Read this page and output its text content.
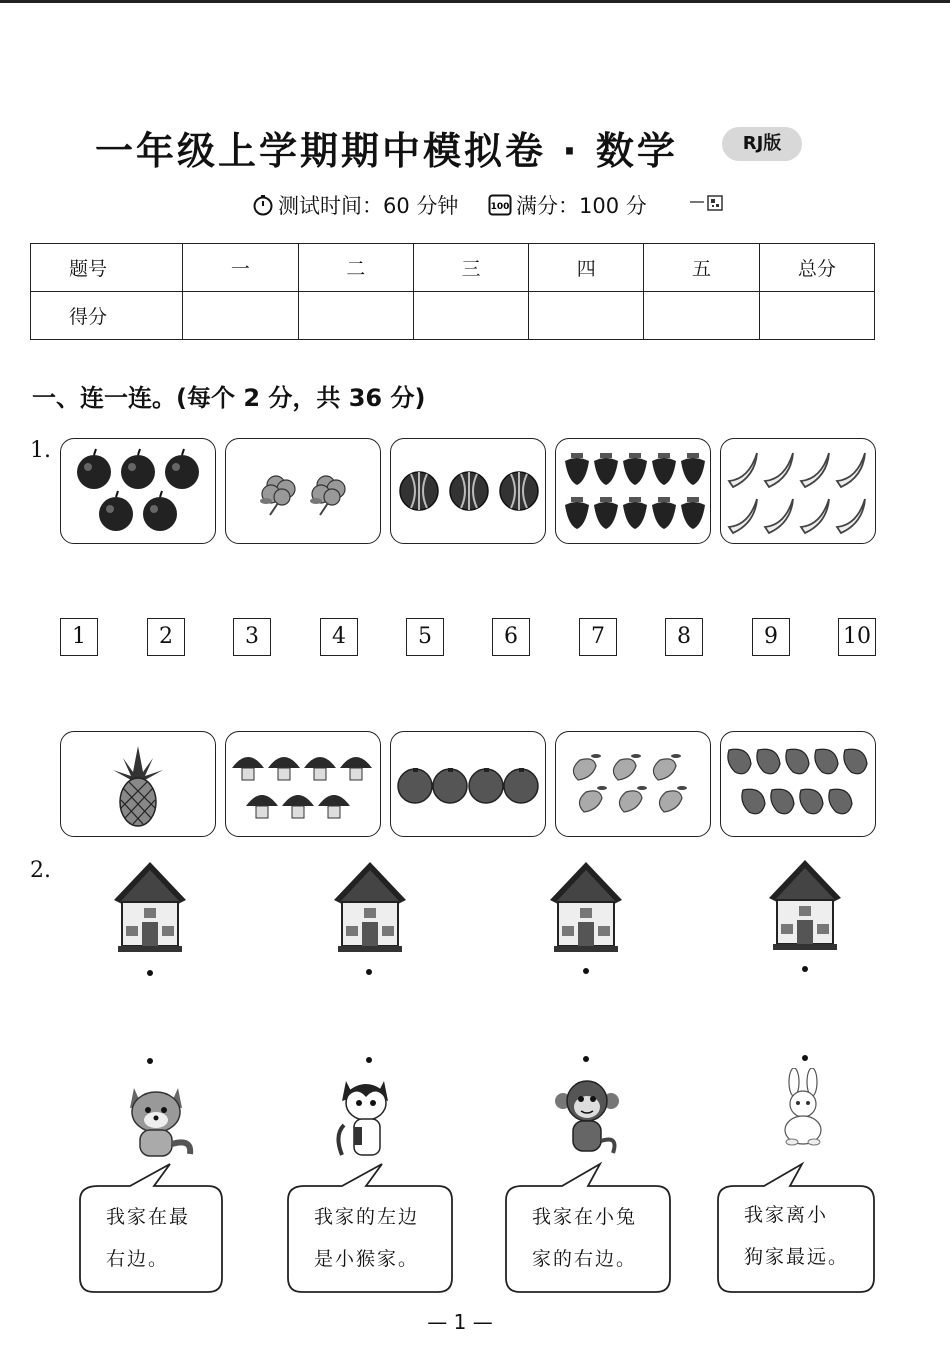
一年级上学期期中模拟卷 · 数学	RJ版
测试时间：60 分钟	100 满分：100 分
题号	一	二	三	四	五	总分
得分						
一、连一连。(每个 2 分，共 36 分)
1.
1	2	3	4	5	6	7	8	9	10
2.
我家在最
右边。
我家的左边
是小猴家。
我家在小兔
家的右边。
我家离小
狗家最远。
— 1 —
